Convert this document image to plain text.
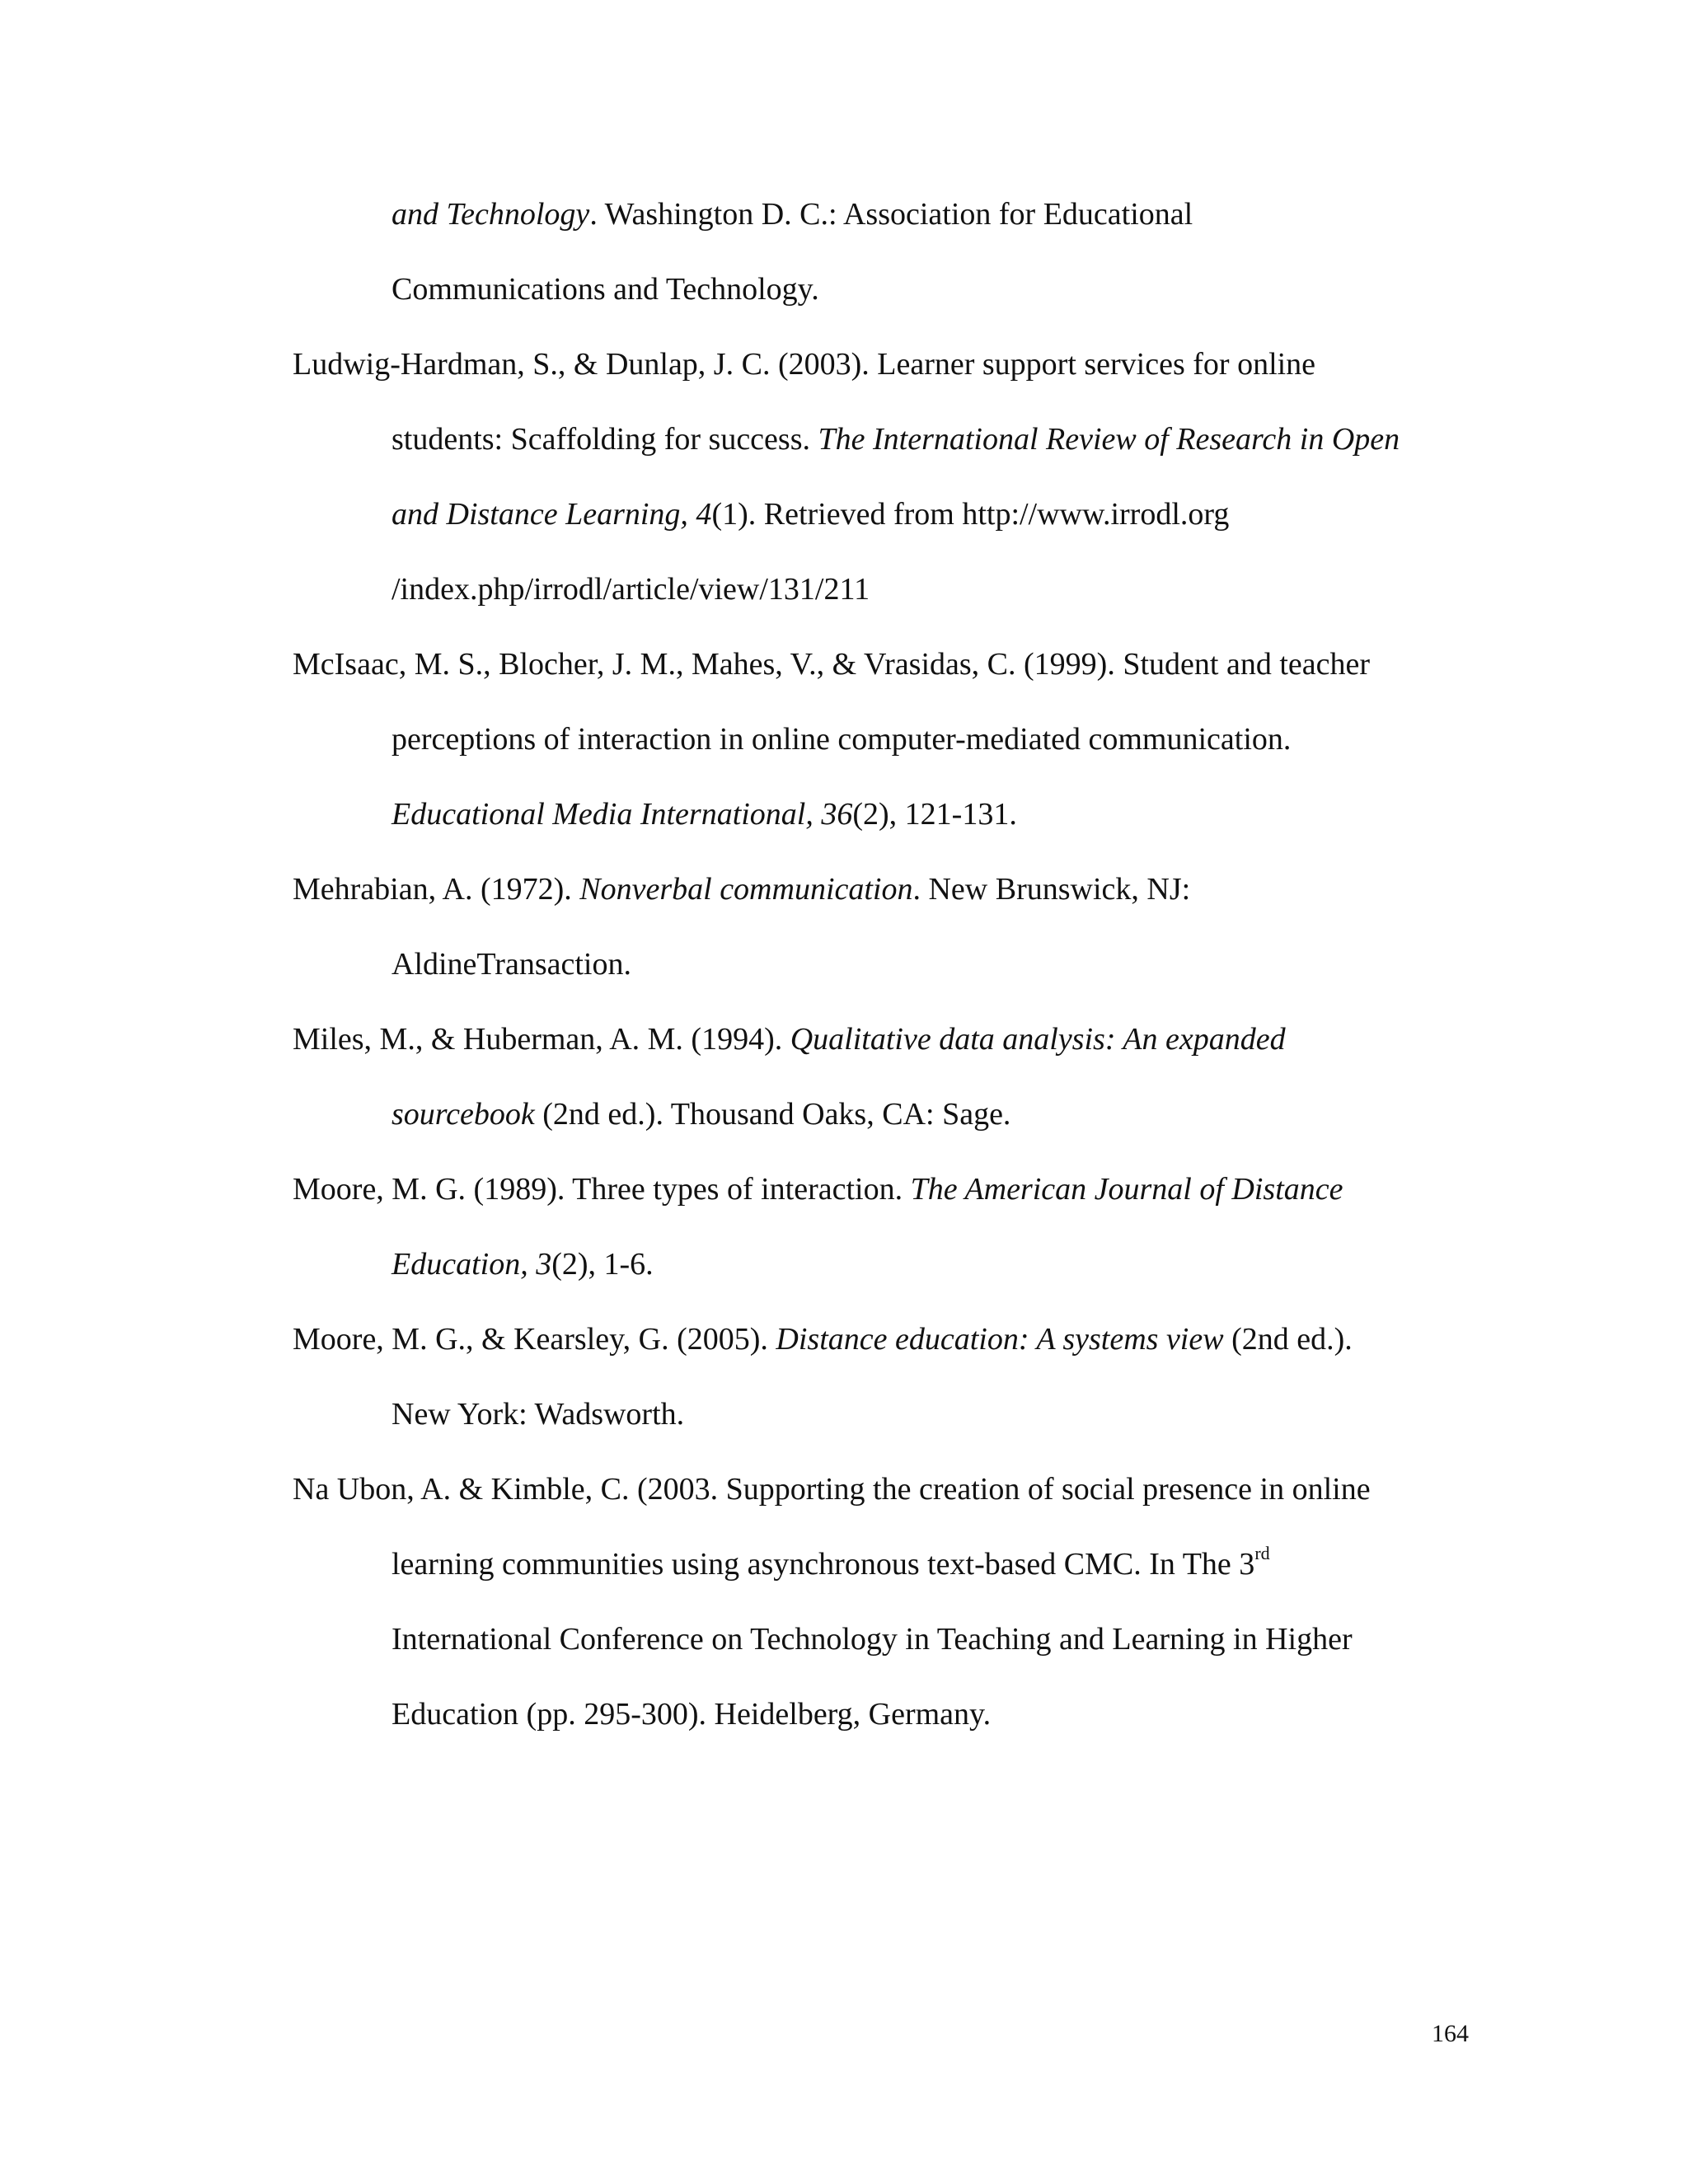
and Technology. Washington D. C.: Association for Educational
Communications and Technology.
Ludwig-Hardman, S., & Dunlap, J. C. (2003). Learner support services for online
students: Scaffolding for success. The International Review of Research in Open
and Distance Learning, 4(1). Retrieved from http://www.irrodl.org
/index.php/irrodl/article/view/131/211
McIsaac, M. S., Blocher, J. M., Mahes, V., & Vrasidas, C. (1999). Student and teacher
perceptions of interaction in online computer-mediated communication.
Educational Media International, 36(2), 121-131.
Mehrabian, A. (1972). Nonverbal communication. New Brunswick, NJ:
AldineTransaction.
Miles, M., & Huberman, A. M. (1994). Qualitative data analysis: An expanded
sourcebook (2nd ed.). Thousand Oaks, CA: Sage.
Moore, M. G. (1989). Three types of interaction. The American Journal of Distance
Education, 3(2), 1-6.
Moore, M. G., & Kearsley, G. (2005). Distance education: A systems view (2nd ed.).
New York: Wadsworth.
Na Ubon, A. & Kimble, C. (2003. Supporting the creation of social presence in online
learning communities using asynchronous text-based CMC. In The 3rd
International Conference on Technology in Teaching and Learning in Higher
Education (pp. 295-300). Heidelberg, Germany.
164
